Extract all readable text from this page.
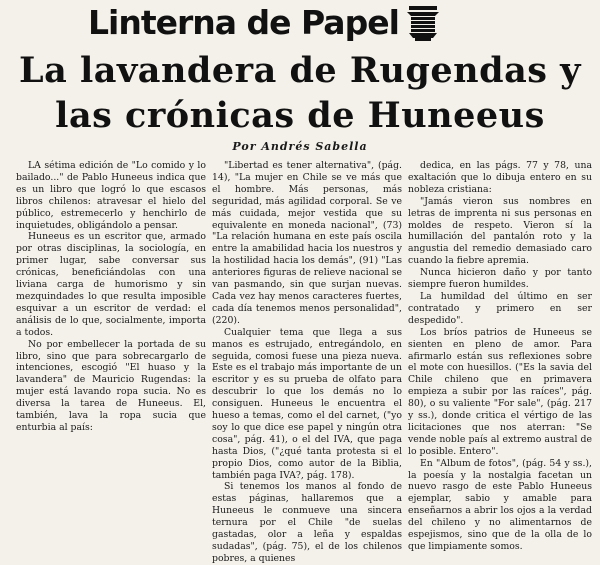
Linterna de Papel
La lavandera de Rugendas y
las crónicas de Huneeus
Por Andrés Sabella

LA sétima edición de "Lo comido y lo bailado..." de Pablo Huneeus indica que es un libro que logró lo que escasos libros chilenos: atravesar el hielo del público, estremecerlo y henchirlo de inquietudes, obligándolo a pensar.

Huneeus es un escritor que, armado por otras disciplinas, la sociología, en primer lugar, sabe conversar sus crónicas, beneficiándolas con una liviana carga de humorismo y sin mezquindades lo que resulta imposible esquivar a un escritor de verdad: el análisis de lo que, socialmente, importa a todos.

No por embellecer la portada de su libro, sino que para sobrecargarlo de intenciones, escogió "El huaso y la lavandera" de Mauricio Rugendas: la mujer está lavando ropa sucia. No es diversa la tarea de Huneeus. El, también, lava la ropa sucia que enturbia al país:

"Libertad es tener alternativa", (pág. 14), "La mujer en Chile se ve más que el hombre. Más personas, más seguridad, más agilidad corporal. Se ve más cuidada, mejor vestida que su equivalente en moneda nacional", (73) "La relación humana en este país oscila entre la amabilidad hacia los nuestros y la hostilidad hacia los demás", (91) "Las anteriores figuras de relieve nacional se van pasmando, sin que surjan nuevas. Cada vez hay menos caracteres fuertes, cada día tenemos menos personalidad", (220).

Cualquier tema que llega a sus manos es estrujado, entregándolo, en seguida, comosi fuese una pieza nueva. Este es el trabajo más importante de un escritor y es su prueba de olfato para descubrir lo que los demás no lo consiguen. Huneeus le encuentra el hueso a temas, como el del carnet, ("yo soy lo que dice ese papel y ningún otra cosa", pág. 41), o el del IVA, que paga hasta Dios, ("¿qué tanta protesta si el propio Dios, como autor de la Biblia, también paga IVA?, pág. 178).

Si tenemos los manos al fondo de estas páginas, hallaremos que a Huneeus le conmueve una sincera ternura por el Chile "de suelas gastadas, olor a leña y espaldas sudadas", (pág. 75), el de los chilenos pobres, a quienes

dedica, en las págs. 77 y 78, una exaltación que lo dibuja entero en su nobleza cristiana:

"Jamás vieron sus nombres en letras de imprenta ni sus personas en moldes de respeto. Vieron sí la humillación del pantalón roto y la angustia del remedio demasiado caro cuando la fiebre apremia.

Nunca hicieron daño y por tanto siempre fueron humildes.

La humildad del último en ser contratado y primero en ser despedido".

Los bríos patrios de Huneeus se sienten en pleno de amor. Para afirmarlo están sus reflexiones sobre el mote con huesillos. ("Es la savia del Chile chileno que en primavera empieza a subir por las raíces", pág. 80), o su valiente "For sale", (pág. 217 y ss.), donde critica el vértigo de las licitaciones que nos aterran: "Se vende noble país al extremo austral de lo posible. Entero".

En "Album de fotos", (pág. 54 y ss.), la poesía y la nostalgia facetan un nuevo rasgo de este Pablo Huneeus ejemplar, sabio y amable para enseñarnos a abrir los ojos a la verdad del chileno y no alimentarnos de espejismos, sino que de la olla de lo que limpiamente somos.
